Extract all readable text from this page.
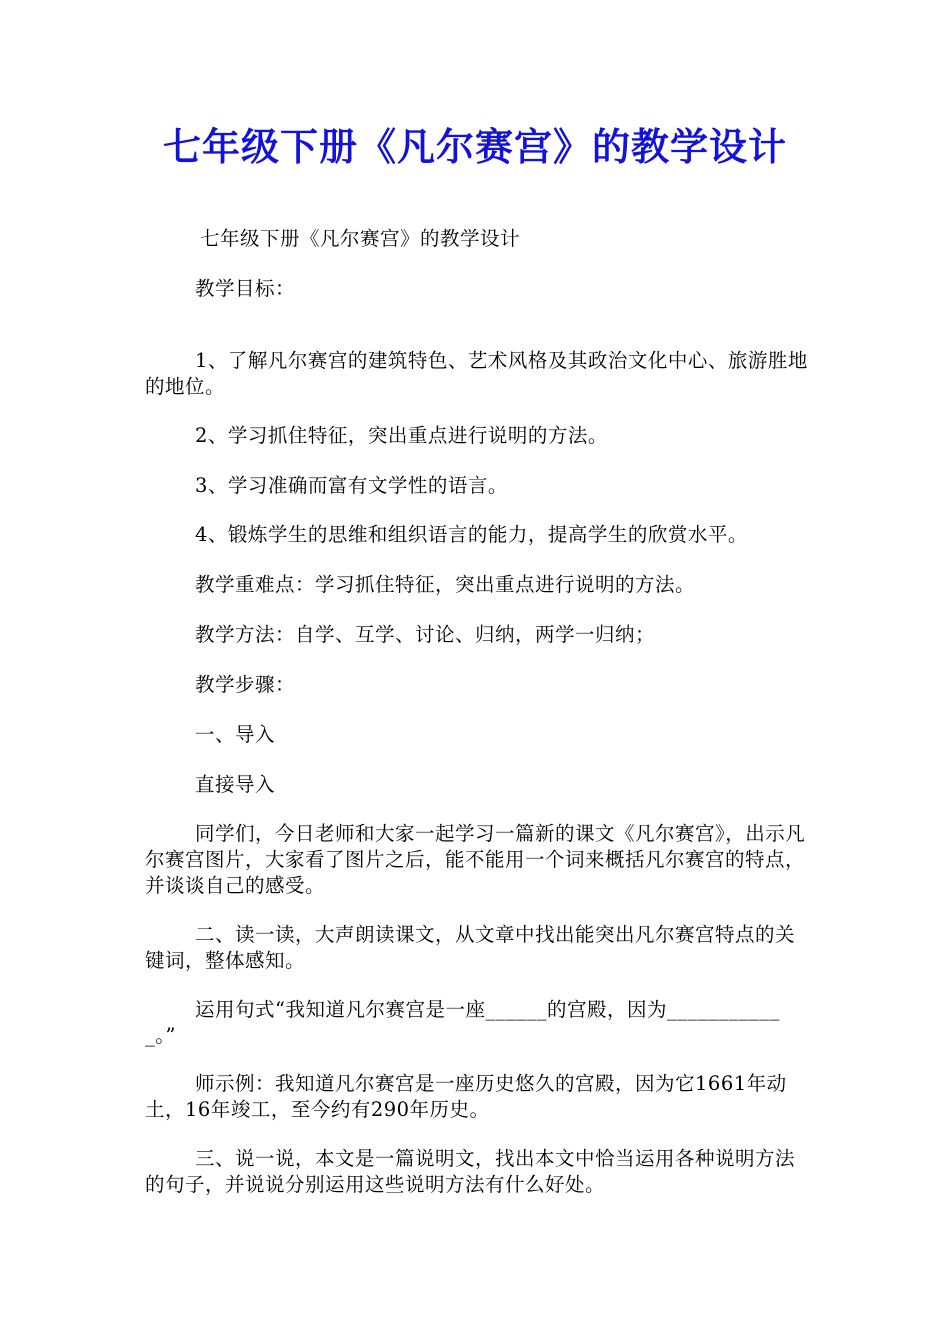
七年级下册《凡尔赛宫》的教学设计
七年级下册《凡尔赛宫》的教学设计
教学目标：
1、了解凡尔赛宫的建筑特色、艺术风格及其政治文化中心、旅游胜地的地位。
2、学习抓住特征，突出重点进行说明的方法。
3、学习准确而富有文学性的语言。
4、锻炼学生的思维和组织语言的能力，提高学生的欣赏水平。
教学重难点：学习抓住特征，突出重点进行说明的方法。
教学方法：自学、互学、讨论、归纳，两学一归纳；
教学步骤：
一、导入
直接导入
同学们，今日老师和大家一起学习一篇新的课文《凡尔赛宫》，出示凡尔赛宫图片，大家看了图片之后，能不能用一个词来概括凡尔赛宫的特点，并谈谈自己的感受。
二、读一读，大声朗读课文，从文章中找出能突出凡尔赛宫特点的关键词，整体感知。
运用句式“我知道凡尔赛宫是一座______的宫殿，因为____________。”
师示例：我知道凡尔赛宫是一座历史悠久的宫殿，因为它1661年动土，16年竣工，至今约有290年历史。
三、说一说，本文是一篇说明文，找出本文中恰当运用各种说明方法的句子，并说说分别运用这些说明方法有什么好处。
